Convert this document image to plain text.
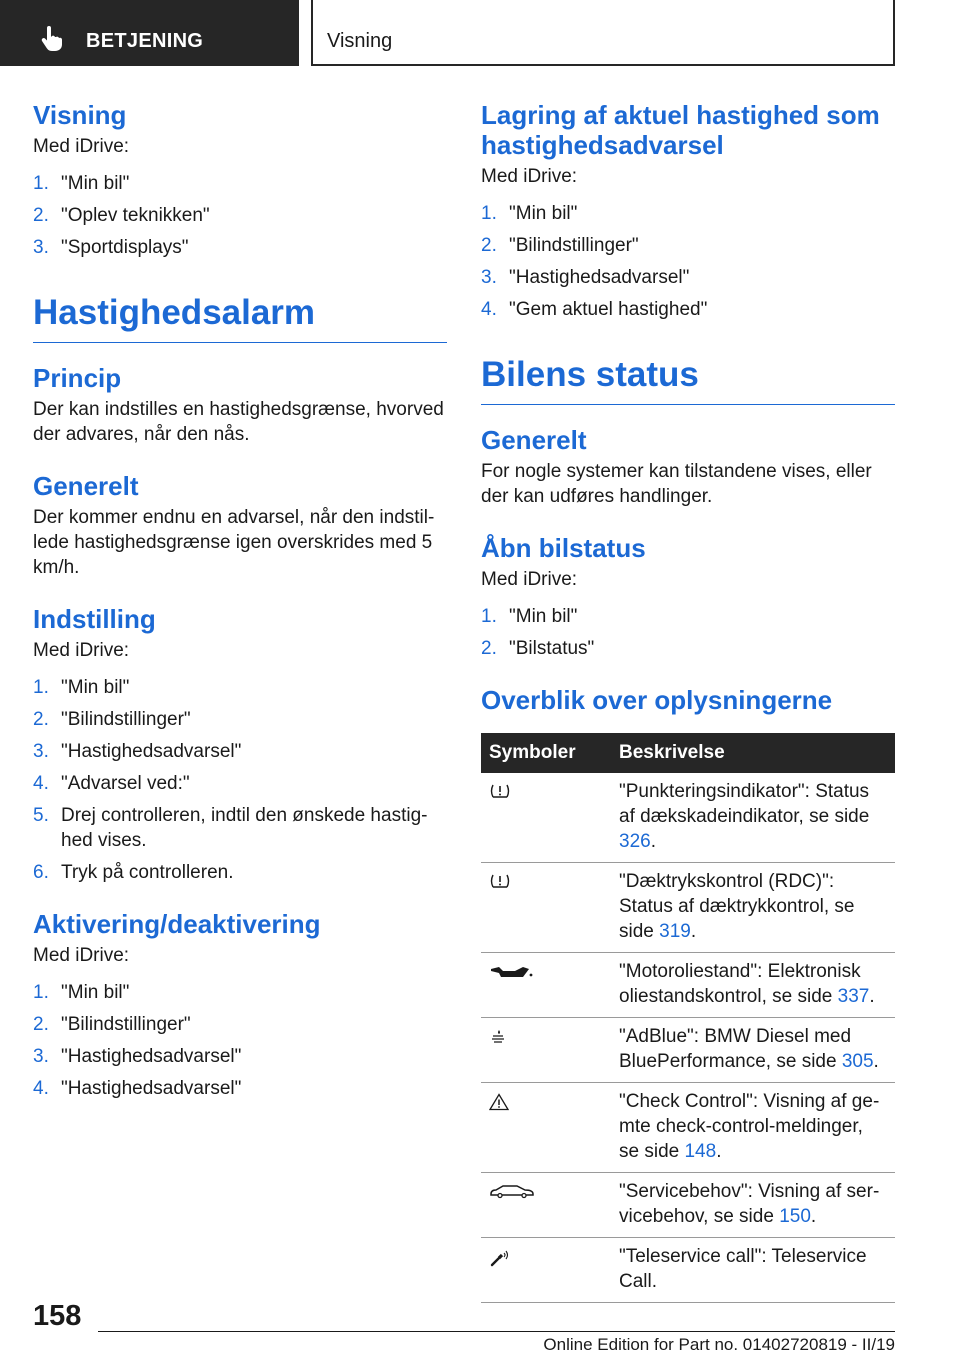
BETJENING	Visning
Visning
Med iDrive:
1. "Min bil"
2. "Oplev teknikken"
3. "Sportdisplays"
Hastighedsalarm
Princip
Der kan indstilles en hastighedsgrænse, hvorved der advares, når den nås.
Generelt
Der kommer endnu en advarsel, når den indstillede hastighedsgrænse igen overskrides med 5 km/h.
Indstilling
Med iDrive:
1. "Min bil"
2. "Bilindstillinger"
3. "Hastighedsadvarsel"
4. "Advarsel ved:"
5. Drej controlleren, indtil den ønskede hastighed vises.
6. Tryk på controlleren.
Aktivering/deaktivering
Med iDrive:
1. "Min bil"
2. "Bilindstillinger"
3. "Hastighedsadvarsel"
4. "Hastighedsadvarsel"
Lagring af aktuel hastighed som hastighedsadvarsel
Med iDrive:
1. "Min bil"
2. "Bilindstillinger"
3. "Hastighedsadvarsel"
4. "Gem aktuel hastighed"
Bilens status
Generelt
For nogle systemer kan tilstandene vises, eller der kan udføres handlinger.
Åbn bilstatus
Med iDrive:
1. "Min bil"
2. "Bilstatus"
Overblik over oplysningerne
Symboler	Beskrivelse

	"Punkteringsindikator": Status af dækskadeindikator, se side 326.

	"Dæktrykskontrol (RDC)": Status af dæktrykkontrol, se side 319.

	"Motoroliestand": Elektronisk oliestandskontrol, se side 337.

	"AdBlue": BMW Diesel med BluePerformance, se side 305.

	"Check Control": Visning af gemte check-control-meldinger, se side 148.

	"Servicebehov": Visning af servicebehov, se side 150.

	"Teleservice call": Teleservice Call.
158
Online Edition for Part no. 01402720819 - II/19
